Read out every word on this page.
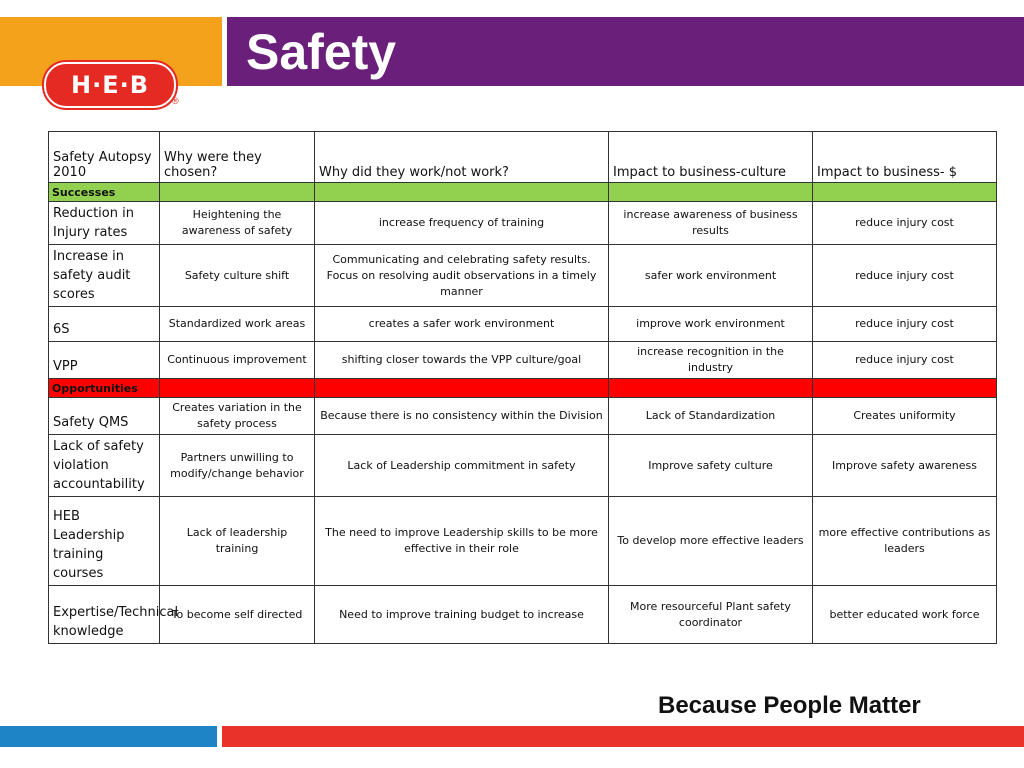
Safety
H·E·B
®
Safety Autopsy 2010	Why were they chosen?	Why did they work/not work?	Impact to business-culture	Impact to business- $
Successes				
Reduction in Injury rates	Heightening the awareness of safety	increase frequency of training	increase awareness of business results	reduce injury cost
Increase in safety audit scores	Safety culture shift	Communicating and celebrating safety results. Focus on resolving audit observations in a timely manner	safer work environment	reduce injury cost
6S	Standardized work areas	creates a safer work environment	improve work environment	reduce injury cost
VPP	Continuous improvement	shifting closer towards the VPP culture/goal	increase recognition in the industry	reduce injury cost
Opportunities				
Safety QMS	Creates variation in the safety process	Because there is no consistency within the Division	Lack of Standardization	Creates uniformity
Lack of safety violation accountability	Partners unwilling to modify/change behavior	Lack of Leadership commitment in safety	Improve safety culture	Improve safety awareness
HEB Leadership training courses	Lack of leadership training	The need to improve Leadership skills to be more effective in their role	To develop more effective leaders	more effective contributions as leaders
Expertise/Technical knowledge	To become self directed	Need to improve training budget to increase	More resourceful Plant safety coordinator	better educated work force
Because People Matter
